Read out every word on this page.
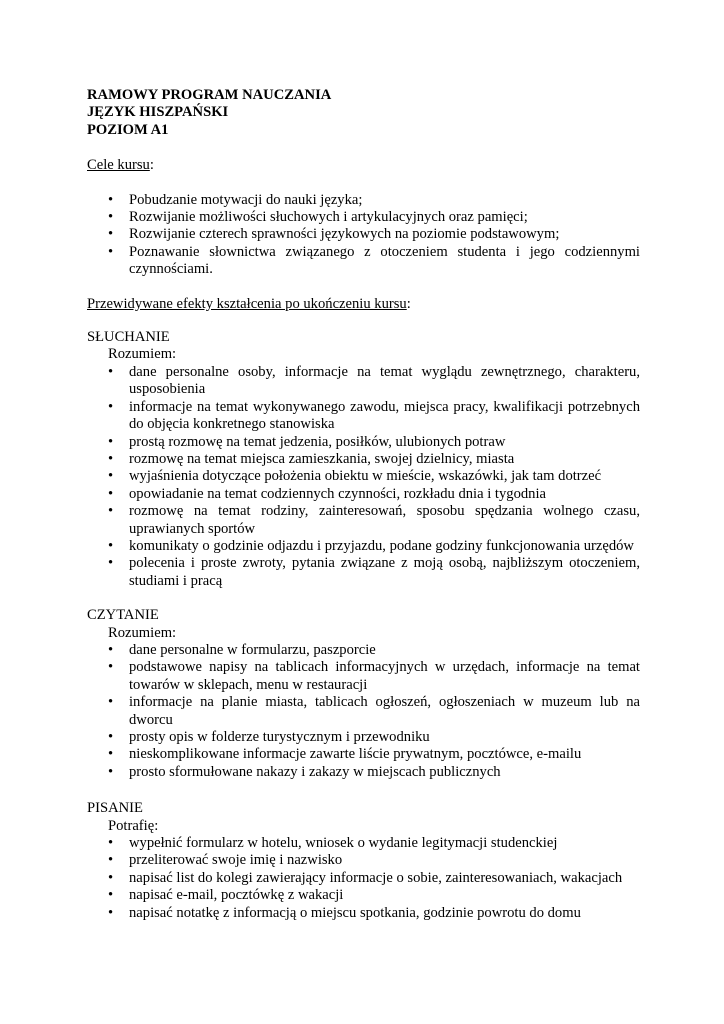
RAMOWY PROGRAM NAUCZANIA

JĘZYK HISZPAŃSKI

POZIOM A1

Cele kursu:

• Pobudzanie motywacji do nauki języka;
• Rozwijanie możliwości słuchowych i artykulacyjnych oraz pamięci;
• Rozwijanie czterech sprawności językowych na poziomie podstawowym;
• Poznawanie słownictwa związanego z otoczeniem studenta i jego codziennymi czynnościami.

Przewidywane efekty kształcenia po ukończeniu kursu:

SŁUCHANIE

Rozumiem:

• dane personalne osoby, informacje na temat wyglądu zewnętrznego, charakteru, usposobienia
• informacje na temat wykonywanego zawodu, miejsca pracy, kwalifikacji potrzebnych do objęcia konkretnego stanowiska
• prostą rozmowę na temat jedzenia, posiłków, ulubionych potraw
• rozmowę na temat miejsca zamieszkania, swojej dzielnicy, miasta
• wyjaśnienia dotyczące położenia obiektu w mieście, wskazówki, jak tam dotrzeć
• opowiadanie na temat codziennych czynności, rozkładu dnia i tygodnia
• rozmowę na temat rodziny, zainteresowań, sposobu spędzania wolnego czasu, uprawianych sportów
• komunikaty o godzinie odjazdu i przyjazdu, podane godziny funkcjonowania urzędów
• polecenia i proste zwroty, pytania związane z moją osobą, najbliższym otoczeniem, studiami i pracą

CZYTANIE

Rozumiem:

• dane personalne w formularzu, paszporcie
• podstawowe napisy na tablicach informacyjnych w urzędach, informacje na temat towarów w sklepach, menu w restauracji
• informacje na planie miasta, tablicach ogłoszeń, ogłoszeniach w muzeum lub na dworcu
• prosty opis w folderze turystycznym i przewodniku
• nieskomplikowane informacje zawarte liście prywatnym, pocztówce, e-mailu
• prosto sformułowane nakazy i zakazy w miejscach publicznych

PISANIE

Potrafię:

• wypełnić formularz w hotelu, wniosek o wydanie legitymacji studenckiej
• przeliterować swoje imię i nazwisko
• napisać list do kolegi zawierający informacje o sobie, zainteresowaniach, wakacjach
• napisać e-mail, pocztówkę z wakacji
• napisać notatkę z informacją o miejscu spotkania, godzinie powrotu do domu
